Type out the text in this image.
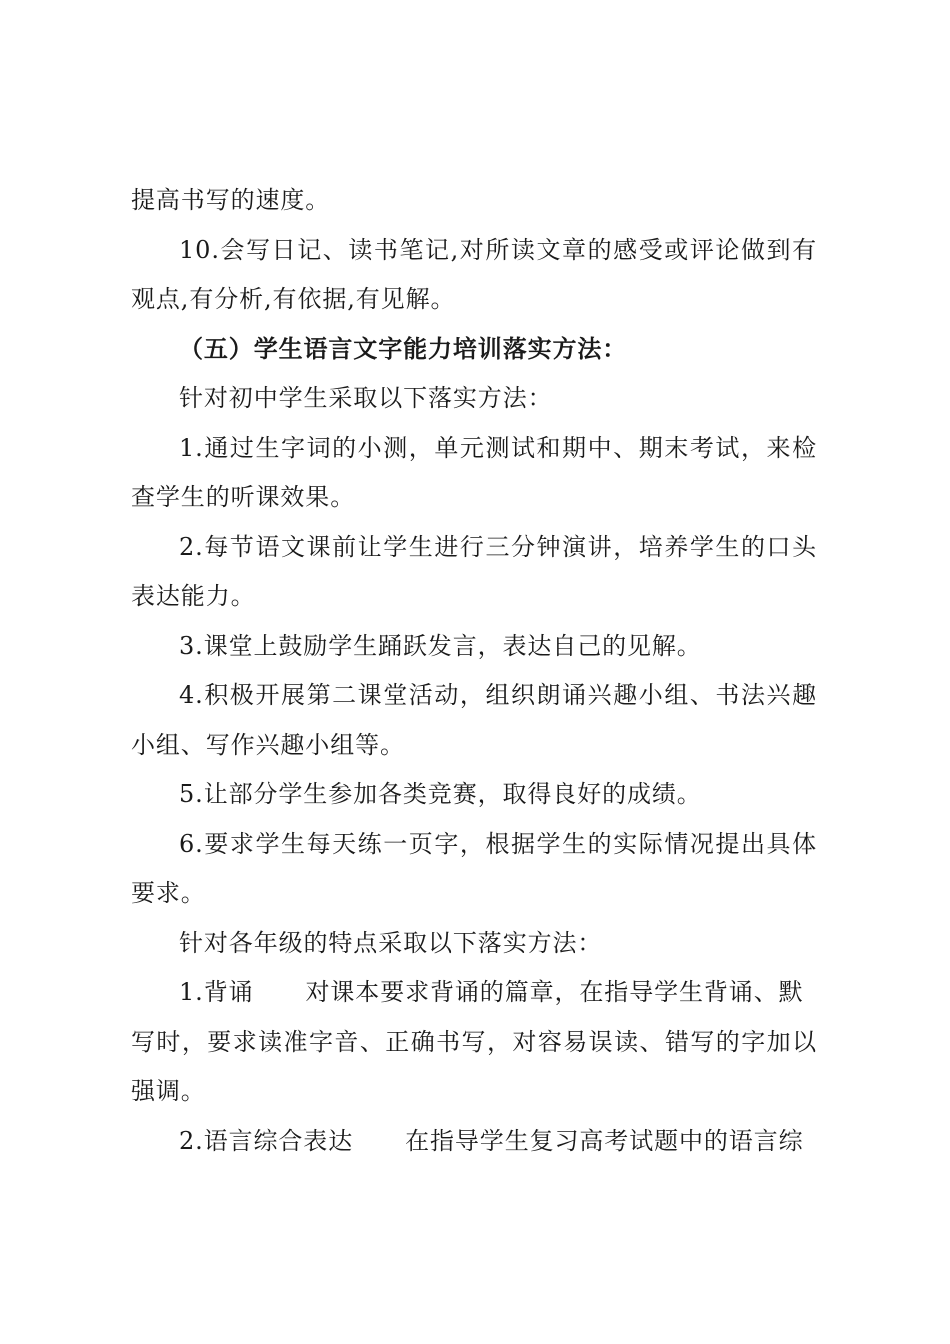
提高书写的速度。
10.会写日记、读书笔记,对所读文章的感受或评论做到有
观点,有分析,有依据,有见解。
（五）学生语言文字能力培训落实方法：
针对初中学生采取以下落实方法：
1.通过生字词的小测，单元测试和期中、期末考试，来检
查学生的听课效果。
2.每节语文课前让学生进行三分钟演讲，培养学生的口头
表达能力。
3.课堂上鼓励学生踊跃发言，表达自己的见解。
4.积极开展第二课堂活动，组织朗诵兴趣小组、书法兴趣
小组、写作兴趣小组等。
5.让部分学生参加各类竞赛，取得良好的成绩。
6.要求学生每天练一页字，根据学生的实际情况提出具体
要求。
针对各年级的特点采取以下落实方法：
1.背诵 对课本要求背诵的篇章，在指导学生背诵、默
写时，要求读准字音、正确书写，对容易误读、错写的字加以
强调。
2.语言综合表达 在指导学生复习高考试题中的语言综
